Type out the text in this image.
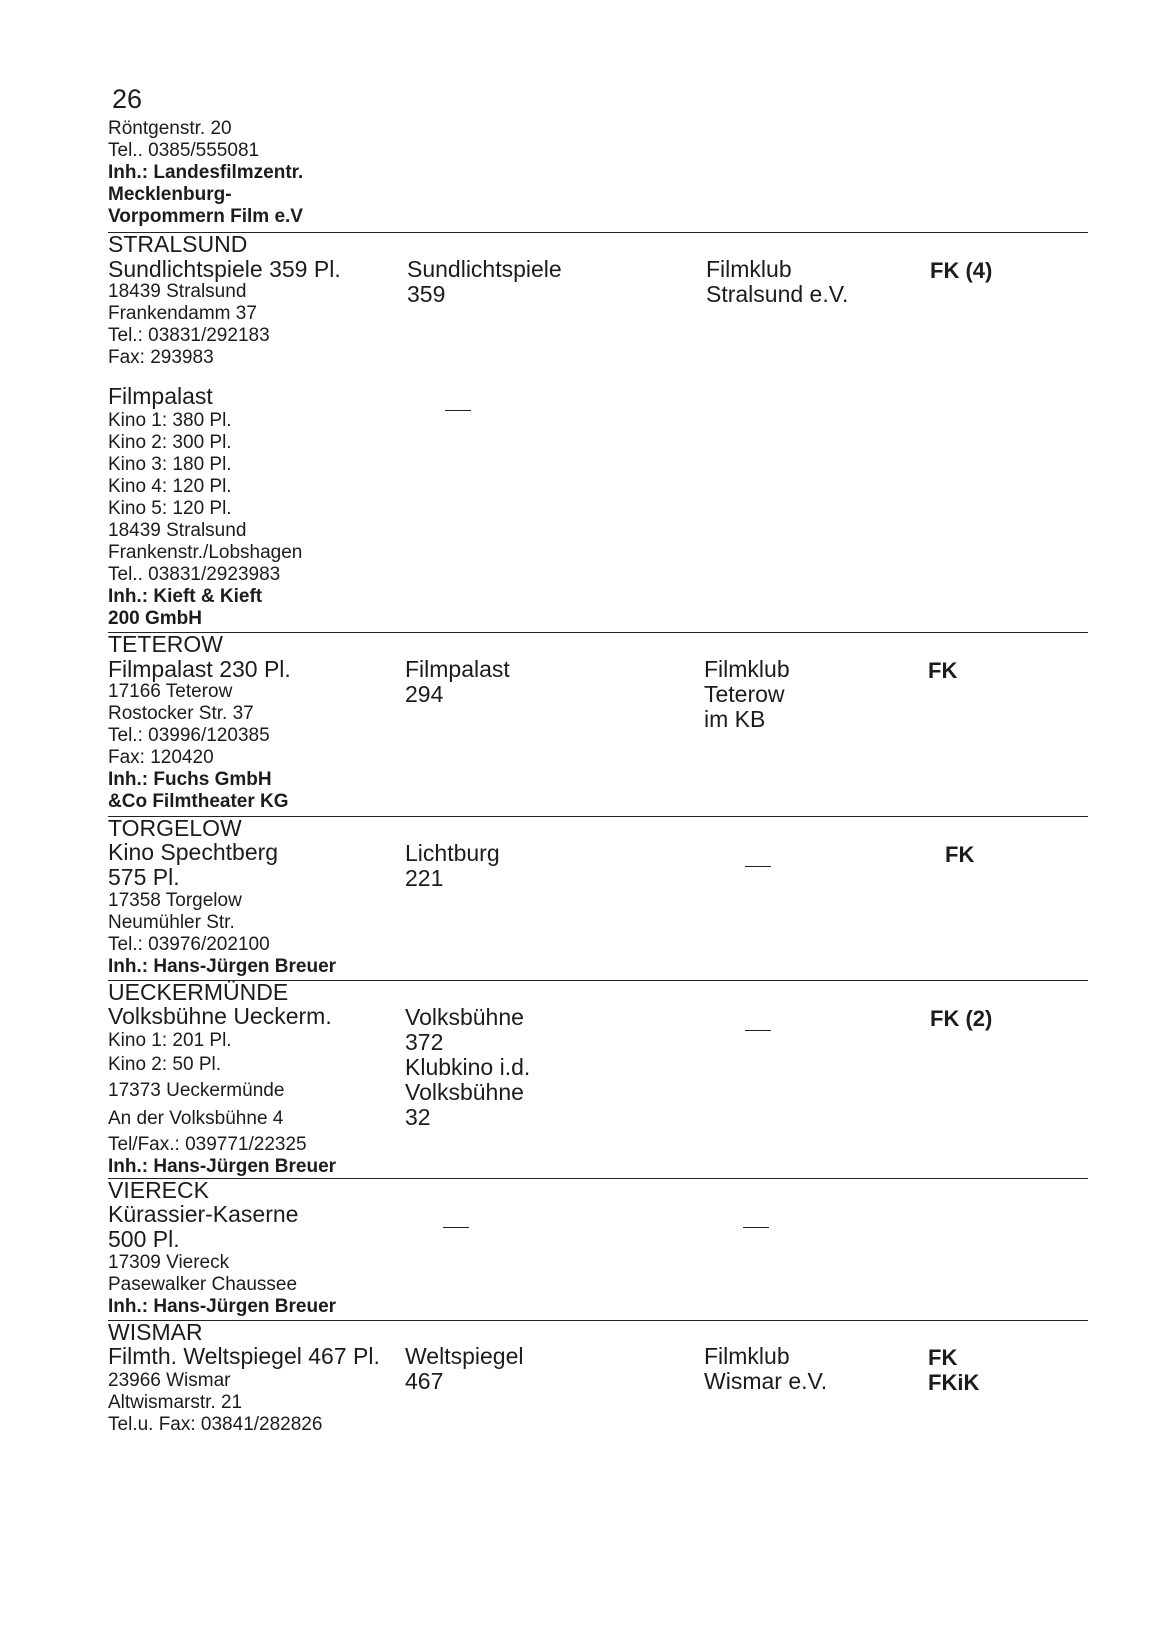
26
Röntgenstr. 20
Tel.. 0385/555081
Inh.: Landesfilmzentr.
Mecklenburg-
Vorpommern Film e.V
STRALSUND
Sundlichtspiele 359 Pl.
18439 Stralsund
Frankendamm 37
Tel.: 03831/292183
Fax: 293983
Sundlichtspiele
359
Filmklub
Stralsund e.V.
FK (4)
Filmpalast
Kino 1: 380 Pl.
Kino 2: 300 Pl.
Kino 3: 180 Pl.
Kino 4: 120 Pl.
Kino 5: 120 Pl.
18439 Stralsund
Frankenstr./Lobshagen
Tel.. 03831/2923983
Inh.: Kieft & Kieft
200 GmbH
TETEROW
Filmpalast 230 Pl.
17166 Teterow
Rostocker Str. 37
Tel.: 03996/120385
Fax: 120420
Inh.: Fuchs GmbH
&Co Filmtheater KG
Filmpalast
294
Filmklub
Teterow
im KB
FK
TORGELOW
Kino Spechtberg
575 Pl.
17358 Torgelow
Neumühler Str.
Tel.: 03976/202100
Inh.: Hans-Jürgen Breuer
Lichtburg
221
FK
UECKERMÜNDE
Volksbühne Ueckerm.
Kino 1: 201 Pl.
Kino 2: 50 Pl.
17373 Ueckermünde
An der Volksbühne 4
Tel/Fax.: 039771/22325
Inh.: Hans-Jürgen Breuer
Volksbühne
372
Klubkino i.d.
Volksbühne
32
FK (2)
VIERECK
Kürassier-Kaserne
500 Pl.
17309 Viereck
Pasewalker Chaussee
Inh.: Hans-Jürgen Breuer
WISMAR
Filmth. Weltspiegel 467 Pl.
23966 Wismar
Altwismarstr. 21
Tel.u. Fax: 03841/282826
Weltspiegel
467
Filmklub
Wismar e.V.
FK
FKiK
